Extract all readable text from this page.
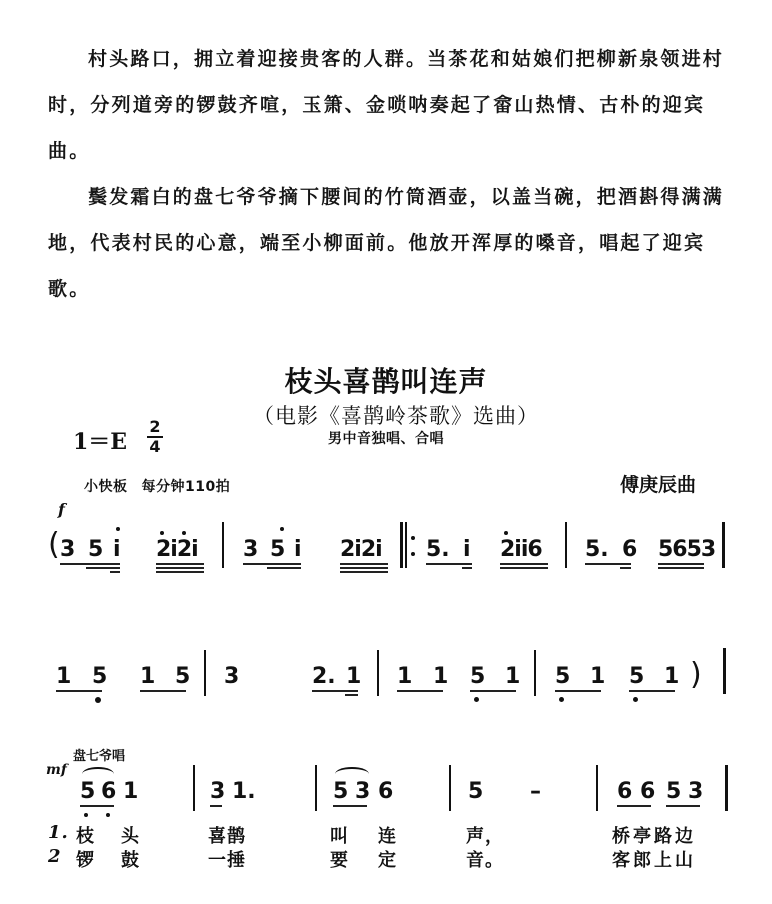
村头路口，拥立着迎接贵客的人群。当茶花和姑娘们把柳新泉领进村时，分列道旁的锣鼓齐喧，玉箫、金唢呐奏起了畲山热情、古朴的迎宾曲。
鬓发霜白的盘七爷爷摘下腰间的竹筒酒壶，以盖当碗，把酒斟得满满地，代表村民的心意，端至小柳面前。他放开浑厚的嗓音，唱起了迎宾歌。
枝头喜鹊叫连声
（电影《喜鹊岭茶歌》选曲）
男中音独唱、合唱
1＝E
2
4
小快板 每分钟110拍	傅庚辰曲
f
( 3 5 i 2i2i 3 5 i 2i2i 5. i 2ii6 5. 6 5653
1 5 1 5 3	2. 1 1 1 5 1 5 1 5 1 )
盘七爷唱
mf
5 6 1	3 1.	5 3 6	5 –	6 6 5 3
1. 枝 头	喜鹊	叫 连	声，	桥亭路边
2 锣 鼓	一捶	要 定	音。	客郎上山
